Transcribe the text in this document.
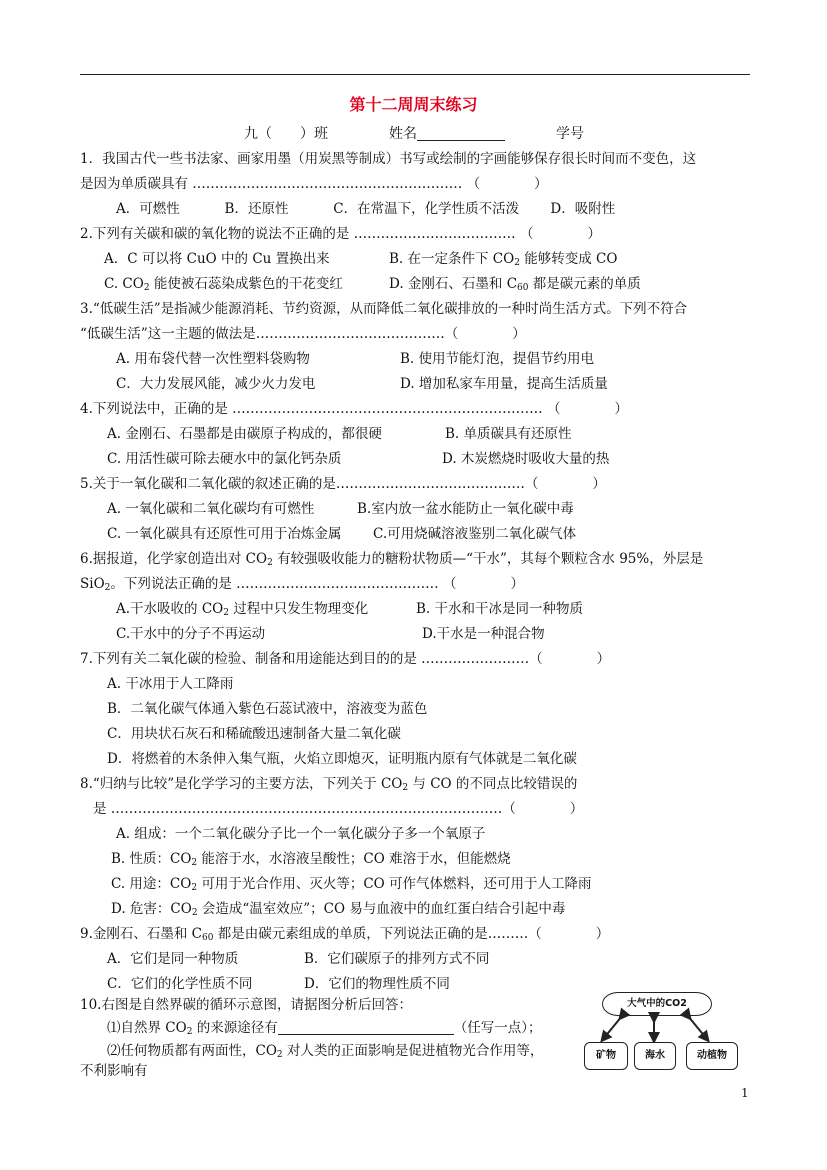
第十二周周末练习
九（　　）班	姓名	学号
1．我国古代一些书法家、画家用墨（用炭黑等制成）书写或绘制的字画能够保存很长时间而不变色，这
是因为单质碳具有 …………………………………………………… （　　　　）
A．可燃性　　　 B．还原性　　　 C．在常温下，化学性质不活泼　　 D．吸附性
2.下列有关碳和碳的氧化物的说法不正确的是 ……………………………… （　　　　）
A．C 可以将 CuO 中的 Cu 置换出来	B. 在一定条件下 $CO_2$ 能够转变成 CO
C. $CO_2$ 能使被石蕊染成紫色的干花变红	D. 金刚石、石墨和 $C_{60}$ 都是碳元素的单质
3.“低碳生活”是指减少能源消耗、节约资源，从而降低二氧化碳排放的一种时尚生活方式。下列不符合
“低碳生活”这一主题的做法是……………………………………（　　　　）
A. 用布袋代替一次性塑料袋购物	B. 使用节能灯泡，提倡节约用电
C．大力发展风能，减少火力发电	D. 增加私家车用量，提高生活质量
4.下列说法中，正确的是 …………………………………………………………… （　　　　）
A. 金刚石、石墨都是由碳原子构成的，都很硬	B. 单质碳具有还原性
C. 用活性碳可除去硬水中的氯化钙杂质	D. 木炭燃烧时吸收大量的热
5.关于一氧化碳和二氧化碳的叙述正确的是……………………………………（　　　　）
A. 一氧化碳和二氧化碳均有可燃性	B.室内放一盆水能防止一氧化碳中毒
C. 一氧化碳具有还原性可用于冶炼金属 C.可用烧碱溶液鉴别二氧化碳气体
6.据报道，化学家创造出对 $CO_2$ 有较强吸收能力的糖粉状物质—“干水”，其每个颗粒含水 95%，外层是
SiO$_2$。下列说法正确的是 ……………………………………… （　　　　）
A.干水吸收的 $CO_2$ 过程中只发生物理变化	B. 干水和干冰是同一种物质
C.干水中的分子不再运动	D.干水是一种混合物
7.下列有关二氧化碳的检验、制备和用途能达到目的的是 ……………………（　　　　）
A. 干冰用于人工降雨
B．二氧化碳气体通入紫色石蕊试液中，溶液变为蓝色
C．用块状石灰石和稀硫酸迅速制备大量二氧化碳
D．将燃着的木条伸入集气瓶，火焰立即熄灭，证明瓶内原有气体就是二氧化碳
8.“归纳与比较”是化学学习的主要方法，下列关于 $CO_2$ 与 CO 的不同点比较错误的
是 ……………………………………………………………………………（　　　　）
A. 组成：一个二氧化碳分子比一个一氧化碳分子多一个氧原子
B. 性质：$CO_2$ 能溶于水，水溶液呈酸性；CO 难溶于水，但能燃烧
C. 用途：$CO_2$ 可用于光合作用、灭火等；CO 可作气体燃料，还可用于人工降雨
D. 危害：$CO_2$ 会造成“温室效应”；CO 易与血液中的血红蛋白结合引起中毒
9.金刚石、石墨和 $C_{60}$ 都是由碳元素组成的单质，下列说法正确的是………（　　　　）
A．它们是同一种物质	B．它们碳原子的排列方式不同
C．它们的化学性质不同	D．它们的物理性质不同
10.右图是自然界碳的循环示意图，请据图分析后回答：
⑴自然界 $CO_2$ 的来源途径有	（任写一点）；
⑵任何物质都有两面性，$CO_2$ 对人类的正面影响是促进植物光合作用等，
不利影响有
大气中的CO2
矿物	海水	动植物
1
